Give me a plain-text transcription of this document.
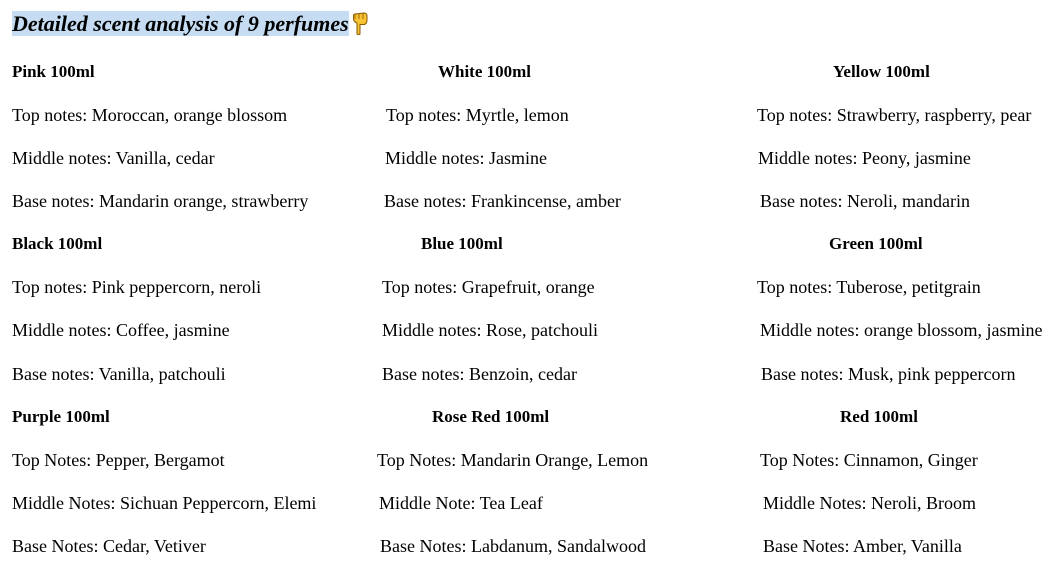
Detailed scent analysis of 9 perfumes
Pink 100ml
Top notes: Moroccan, orange blossom
Middle notes: Vanilla, cedar
Base notes: Mandarin orange, strawberry
White 100ml
Top notes: Myrtle, lemon
Middle notes: Jasmine
Base notes: Frankincense, amber
Yellow 100ml
Top notes: Strawberry, raspberry, pear
Middle notes: Peony, jasmine
Base notes: Neroli, mandarin
Black 100ml
Top notes: Pink peppercorn, neroli
Middle notes: Coffee, jasmine
Base notes: Vanilla, patchouli
Blue 100ml
Top notes: Grapefruit, orange
Middle notes: Rose, patchouli
Base notes: Benzoin, cedar
Green 100ml
Top notes: Tuberose, petitgrain
Middle notes: orange blossom, jasmine
Base notes: Musk, pink peppercorn
Purple 100ml
Top Notes: Pepper, Bergamot
Middle Notes: Sichuan Peppercorn, Elemi
Base Notes: Cedar, Vetiver
Rose Red 100ml
Top Notes: Mandarin Orange, Lemon
Middle Note: Tea Leaf
Base Notes: Labdanum, Sandalwood
Red 100ml
Top Notes: Cinnamon, Ginger
Middle Notes: Neroli, Broom
Base Notes: Amber, Vanilla
